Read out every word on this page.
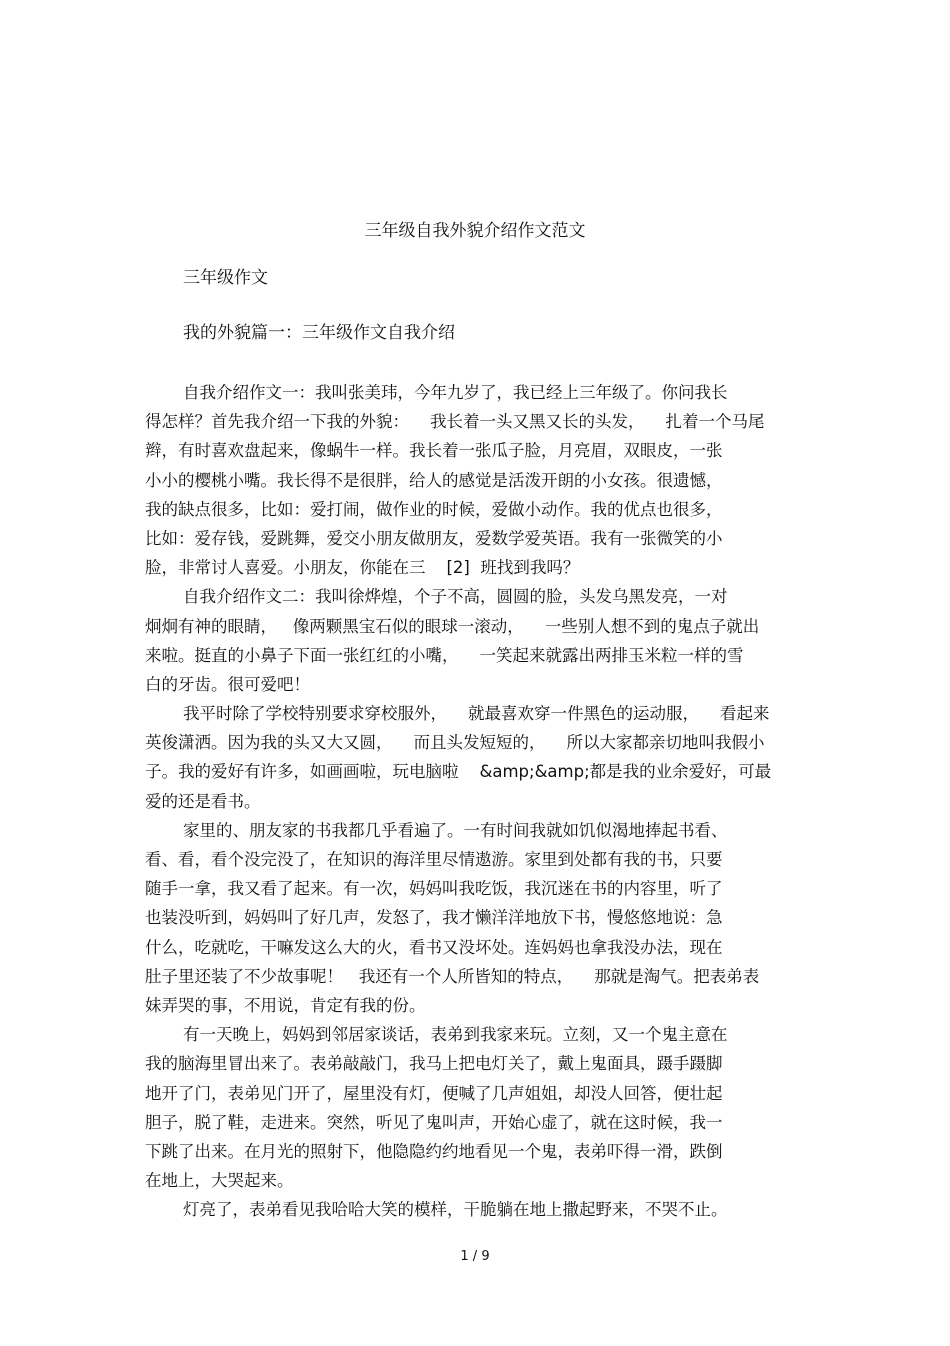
三年级自我外貌介绍作文范文
三年级作文
我的外貌篇一：三年级作文自我介绍
自我介绍作文一：我叫张美玮，今年九岁了，我已经上三年级了。你问我长
得怎样？首先我介绍一下我的外貌：    我长着一头又黑又长的头发，    扎着一个马尾
辫，有时喜欢盘起来，像蜗牛一样。我长着一张瓜子脸，月亮眉，双眼皮，一张
小小的樱桃小嘴。我长得不是很胖，给人的感觉是活泼开朗的小女孩。很遗憾，
我的缺点很多，比如：爱打闹，做作业的时候，爱做小动作。我的优点也很多，
比如：爱存钱，爱跳舞，爱交小朋友做朋友，爱数学爱英语。我有一张微笑的小
脸，非常讨人喜爱。小朋友，你能在三    [2]  班找到我吗？
自我介绍作文二：我叫徐烨煌，个子不高，圆圆的脸，头发乌黑发亮，一对
炯炯有神的眼睛，   像两颗黑宝石似的眼球一滚动，    一些别人想不到的鬼点子就出
来啦。挺直的小鼻子下面一张红红的小嘴，    一笑起来就露出两排玉米粒一样的雪
白的牙齿。很可爱吧！
我平时除了学校特别要求穿校服外，    就最喜欢穿一件黑色的运动服，    看起来
英俊潇洒。因为我的头又大又圆，    而且头发短短的，    所以大家都亲切地叫我假小
子。我的爱好有许多，如画画啦，玩电脑啦    &amp;&amp;都是我的业余爱好，可最
爱的还是看书。
家里的、朋友家的书我都几乎看遍了。一有时间我就如饥似渴地捧起书看、
看、看，看个没完没了，在知识的海洋里尽情遨游。家里到处都有我的书，只要
随手一拿，我又看了起来。有一次，妈妈叫我吃饭，我沉迷在书的内容里，听了
也装没听到，妈妈叫了好几声，发怒了，我才懒洋洋地放下书，慢悠悠地说：急
什么，吃就吃，干嘛发这么大的火，看书又没坏处。连妈妈也拿我没办法，现在
肚子里还装了不少故事呢！   我还有一个人所皆知的特点，    那就是淘气。把表弟表
妹弄哭的事，不用说，肯定有我的份。
有一天晚上，妈妈到邻居家谈话，表弟到我家来玩。立刻，又一个鬼主意在
我的脑海里冒出来了。表弟敲敲门，我马上把电灯关了，戴上鬼面具，蹑手蹑脚
地开了门，表弟见门开了，屋里没有灯，便喊了几声姐姐，却没人回答，便壮起
胆子，脱了鞋，走进来。突然，听见了鬼叫声，开始心虚了，就在这时候，我一
下跳了出来。在月光的照射下，他隐隐约约地看见一个鬼，表弟吓得一滑，跌倒
在地上，大哭起来。
灯亮了，表弟看见我哈哈大笑的模样，干脆躺在地上撒起野来，不哭不止。
1 / 9
